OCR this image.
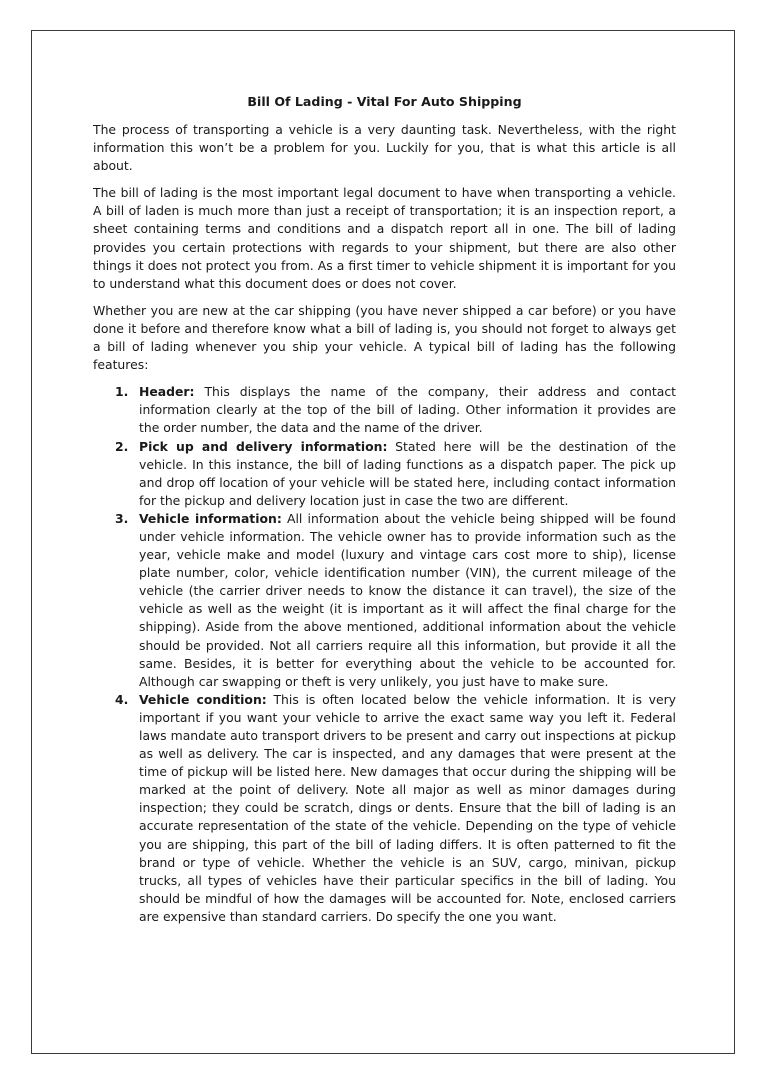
Bill Of Lading - Vital For Auto Shipping

The process of transporting a vehicle is a very daunting task. Nevertheless, with the right information this won’t be a problem for you. Luckily for you, that is what this article is all about.

The bill of lading is the most important legal document to have when transporting a vehicle. A bill of laden is much more than just a receipt of transportation; it is an inspection report, a sheet containing terms and conditions and a dispatch report all in one. The bill of lading provides you certain protections with regards to your shipment, but there are also other things it does not protect you from. As a first timer to vehicle shipment it is important for you to understand what this document does or does not cover.

Whether you are new at the car shipping (you have never shipped a car before) or you have done it before and therefore know what a bill of lading is, you should not forget to always get a bill of lading whenever you ship your vehicle. A typical bill of lading has the following features:

1. Header: This displays the name of the company, their address and contact information clearly at the top of the bill of lading. Other information it provides are the order number, the data and the name of the driver.
2. Pick up and delivery information: Stated here will be the destination of the vehicle. In this instance, the bill of lading functions as a dispatch paper. The pick up and drop off location of your vehicle will be stated here, including contact information for the pickup and delivery location just in case the two are different.
3. Vehicle information: All information about the vehicle being shipped will be found under vehicle information. The vehicle owner has to provide information such as the year, vehicle make and model (luxury and vintage cars cost more to ship), license plate number, color, vehicle identification number (VIN), the current mileage of the vehicle (the carrier driver needs to know the distance it can travel), the size of the vehicle as well as the weight (it is important as it will affect the final charge for the shipping). Aside from the above mentioned, additional information about the vehicle should be provided. Not all carriers require all this information, but provide it all the same. Besides, it is better for everything about the vehicle to be accounted for. Although car swapping or theft is very unlikely, you just have to make sure.
4. Vehicle condition: This is often located below the vehicle information. It is very important if you want your vehicle to arrive the exact same way you left it. Federal laws mandate auto transport drivers to be present and carry out inspections at pickup as well as delivery. The car is inspected, and any damages that were present at the time of pickup will be listed here. New damages that occur during the shipping will be marked at the point of delivery. Note all major as well as minor damages during inspection; they could be scratch, dings or dents. Ensure that the bill of lading is an accurate representation of the state of the vehicle. Depending on the type of vehicle you are shipping, this part of the bill of lading differs. It is often patterned to fit the brand or type of vehicle. Whether the vehicle is an SUV, cargo, minivan, pickup trucks, all types of vehicles have their particular specifics in the bill of lading. You should be mindful of how the damages will be accounted for. Note, enclosed carriers are expensive than standard carriers. Do specify the one you want.
